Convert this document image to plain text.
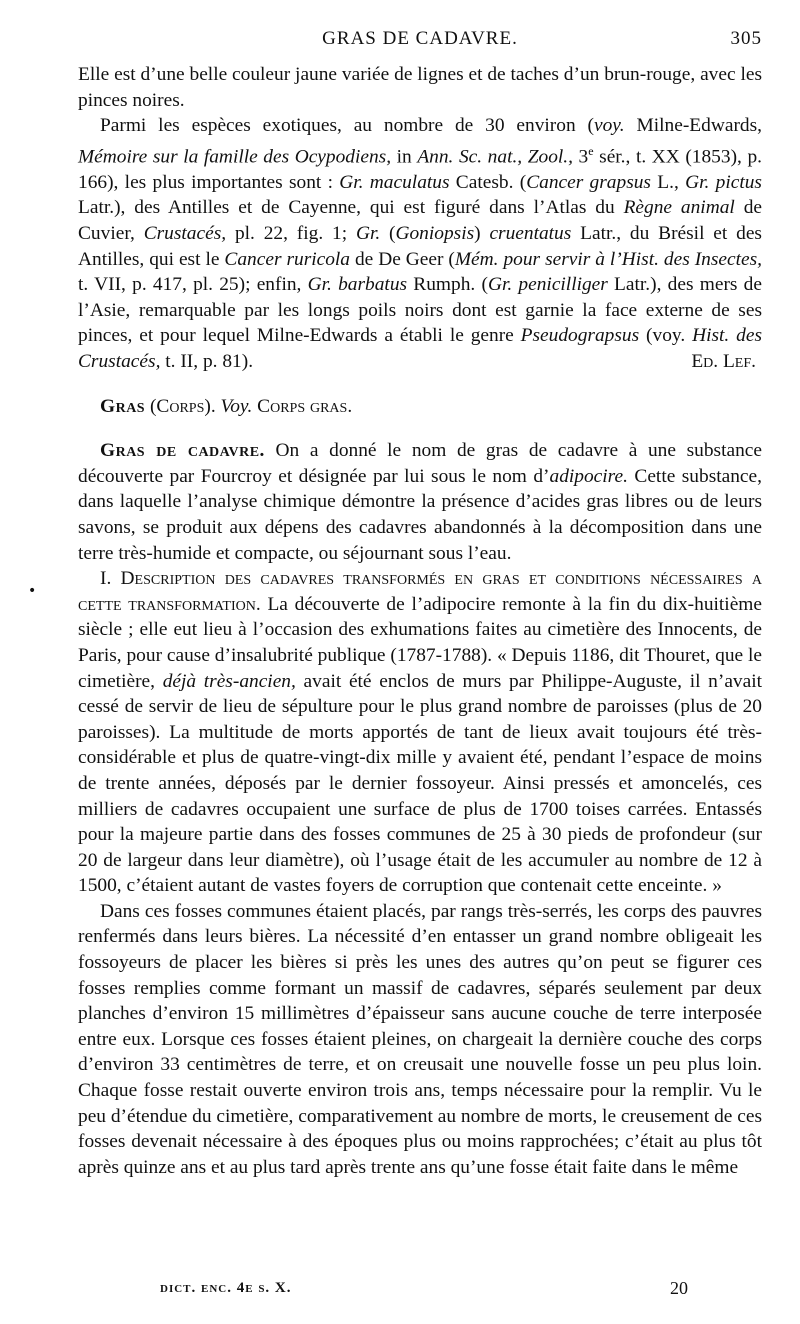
GRAS DE CADAVRE.	305
•

Elle est d’une belle couleur jaune variée de lignes et de taches d’un brun-rouge, avec les pinces noires.

Parmi les espèces exotiques, au nombre de 30 environ (voy. Milne-Edwards, Mémoire sur la famille des Ocypodiens, in Ann. Sc. nat., Zool., 3e sér., t. XX (1853), p. 166), les plus importantes sont : Gr. maculatus Catesb. (Cancer grapsus L., Gr. pictus Latr.), des Antilles et de Cayenne, qui est figuré dans l’Atlas du Règne animal de Cuvier, Crustacés, pl. 22, fig. 1; Gr. (Goniopsis) cruentatus Latr., du Brésil et des Antilles, qui est le Cancer ruricola de De Geer (Mém. pour servir à l’Hist. des Insectes, t. VII, p. 417, pl. 25); enfin, Gr. barbatus Rumph. (Gr. penicilliger Latr.), des mers de l’Asie, remarquable par les longs poils noirs dont est garnie la face externe de ses pinces, et pour lequel Milne-Edwards a établi le genre Pseudograpsus (voy. Hist. des Crustacés, t. II, p. 81).	Ed. Lef.

Gras (Corps). Voy. Corps gras.

Gras de cadavre. On a donné le nom de gras de cadavre à une substance découverte par Fourcroy et désignée par lui sous le nom d’adipocire. Cette substance, dans laquelle l’analyse chimique démontre la présence d’acides gras libres ou de leurs savons, se produit aux dépens des cadavres abandonnés à la décomposition dans une terre très-humide et compacte, ou séjournant sous l’eau.

I. Description des cadavres transformés en gras et conditions nécessaires a cette transformation. La découverte de l’adipocire remonte à la fin du dix-huitième siècle ; elle eut lieu à l’occasion des exhumations faites au cimetière des Innocents, de Paris, pour cause d’insalubrité publique (1787-1788). « Depuis 1186, dit Thouret, que le cimetière, déjà très-ancien, avait été enclos de murs par Philippe-Auguste, il n’avait cessé de servir de lieu de sépulture pour le plus grand nombre de paroisses (plus de 20 paroisses). La multitude de morts apportés de tant de lieux avait toujours été très-considérable et plus de quatre-vingt-dix mille y avaient été, pendant l’espace de moins de trente années, déposés par le dernier fossoyeur. Ainsi pressés et amoncelés, ces milliers de cadavres occupaient une surface de plus de 1700 toises carrées. Entassés pour la majeure partie dans des fosses communes de 25 à 30 pieds de profondeur (sur 20 de largeur dans leur diamètre), où l’usage était de les accumuler au nombre de 12 à 1500, c’étaient autant de vastes foyers de corruption que contenait cette enceinte. »

Dans ces fosses communes étaient placés, par rangs très-serrés, les corps des pauvres renfermés dans leurs bières. La nécessité d’en entasser un grand nombre obligeait les fossoyeurs de placer les bières si près les unes des autres qu’on peut se figurer ces fosses remplies comme formant un massif de cadavres, séparés seulement par deux planches d’environ 15 millimètres d’épaisseur sans aucune couche de terre interposée entre eux. Lorsque ces fosses étaient pleines, on chargeait la dernière couche des corps d’environ 33 centimètres de terre, et on creusait une nouvelle fosse un peu plus loin. Chaque fosse restait ouverte environ trois ans, temps nécessaire pour la remplir. Vu le peu d’étendue du cimetière, comparativement au nombre de morts, le creusement de ces fosses devenait nécessaire à des époques plus ou moins rapprochées; c’était au plus tôt après quinze ans et au plus tard après trente ans qu’une fosse était faite dans le même

dict. enc. 4e s. X.	20
